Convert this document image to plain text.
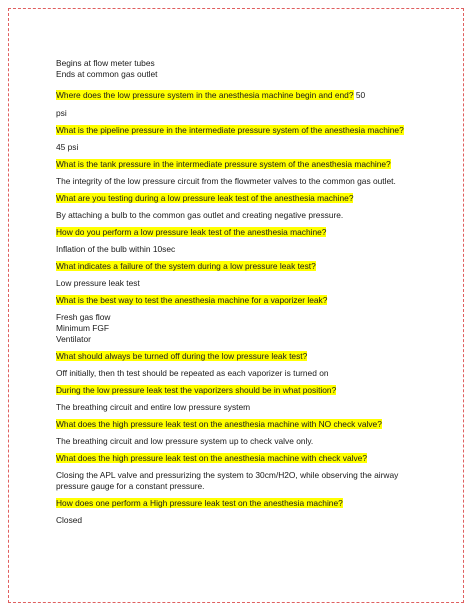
Begins at flow meter tubes
Ends at common gas outlet
Where does the low pressure system in the anesthesia machine begin and end? 50
psi
What is the pipeline pressure in the intermediate pressure system of the anesthesia machine?
45 psi
What is the tank pressure in the intermediate pressure system of the anesthesia machine?
The integrity of the low pressure circuit from the flowmeter valves to the common gas outlet.
What are you testing during a low pressure leak test of the anesthesia machine?
By attaching a bulb to the common gas outlet and creating negative pressure.
How do you perform a low pressure leak test of the anesthesia machine?
Inflation of the bulb within 10sec
What indicates a failure of the system during a low pressure leak test?
Low pressure leak test
What is the best way to test the anesthesia machine for a vaporizer leak?
Fresh gas flow
Minimum FGF
Ventilator
What should always be turned off during the low pressure leak test?
Off initially, then th test should be repeated as each vaporizer is turned on
During the low pressure leak test the vaporizers should be in what position?
The breathing circuit and entire low pressure system
What does the high pressure leak test on the anesthesia machine with NO check valve?
The breathing circuit and low pressure system up to check valve only.
What does the high pressure leak test on the anesthesia machine with check valve?
Closing the APL valve and pressurizing the system to 30cm/H2O, while observing the airway
pressure gauge for a constant pressure.
How does one perform a High pressure leak test on the anesthesia machine?
Closed
